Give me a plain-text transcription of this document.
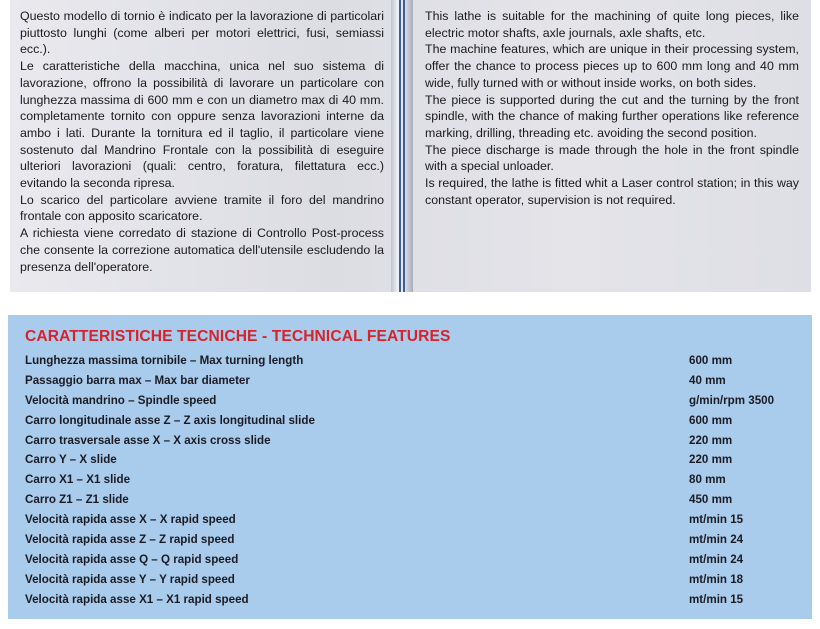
Questo modello di tornio è indicato per la lavorazione di particolari piuttosto lunghi (come alberi per motori elettrici, fusi, semiassi ecc.).

Le caratteristiche della macchina, unica nel suo sistema di lavorazione, offrono la possibilità di lavorare un particolare con lunghezza massima di 600 mm e con un diametro max di 40 mm. completamente tornito con oppure senza lavorazioni interne da ambo i lati. Durante la tornitura ed il taglio, il particolare viene sostenuto dal Mandrino Frontale con la possibilità di eseguire ulteriori lavorazioni (quali: centro, foratura, filettatura ecc.) evitando la seconda ripresa.

Lo scarico del particolare avviene tramite il foro del mandrino frontale con apposito scaricatore.

A richiesta viene corredato di stazione di Controllo Post-process che consente la correzione automatica dell'utensile escludendo la presenza dell'operatore.

This lathe is suitable for the machining of quite long pieces, like electric motor shafts, axle journals, axle shafts, etc.

The machine features, which are unique in their processing system, offer the chance to process pieces up to 600 mm long and 40 mm wide, fully turned with or without inside works, on both sides.

The piece is supported during the cut and the turning by the front spindle, with the chance of making further operations like reference marking, drilling, threading etc. avoiding the second position.

The piece discharge is made through the hole in the front spindle with a special unloader.

Is required, the lathe is fitted whit a Laser control station; in this way constant operator, supervision is not required.

CARATTERISTICHE TECNICHE - TECHNICAL FEATURES
Lunghezza massima tornibile – Max turning length	600 mm
Passaggio barra max – Max bar diameter	40 mm
Velocità mandrino – Spindle speed	g/min/rpm 3500
Carro longitudinale asse Z – Z axis longitudinal slide	600 mm
Carro trasversale asse X – X axis cross slide	220 mm
Carro Y – X slide	220 mm
Carro X1 – X1 slide	80 mm
Carro Z1 – Z1 slide	450 mm
Velocità rapida asse X – X rapid speed	mt/min 15
Velocità rapida asse Z – Z rapid speed	mt/min 24
Velocità rapida asse Q – Q rapid speed	mt/min 24
Velocità rapida asse Y – Y rapid speed	mt/min 18
Velocità rapida asse X1 – X1 rapid speed	mt/min 15
